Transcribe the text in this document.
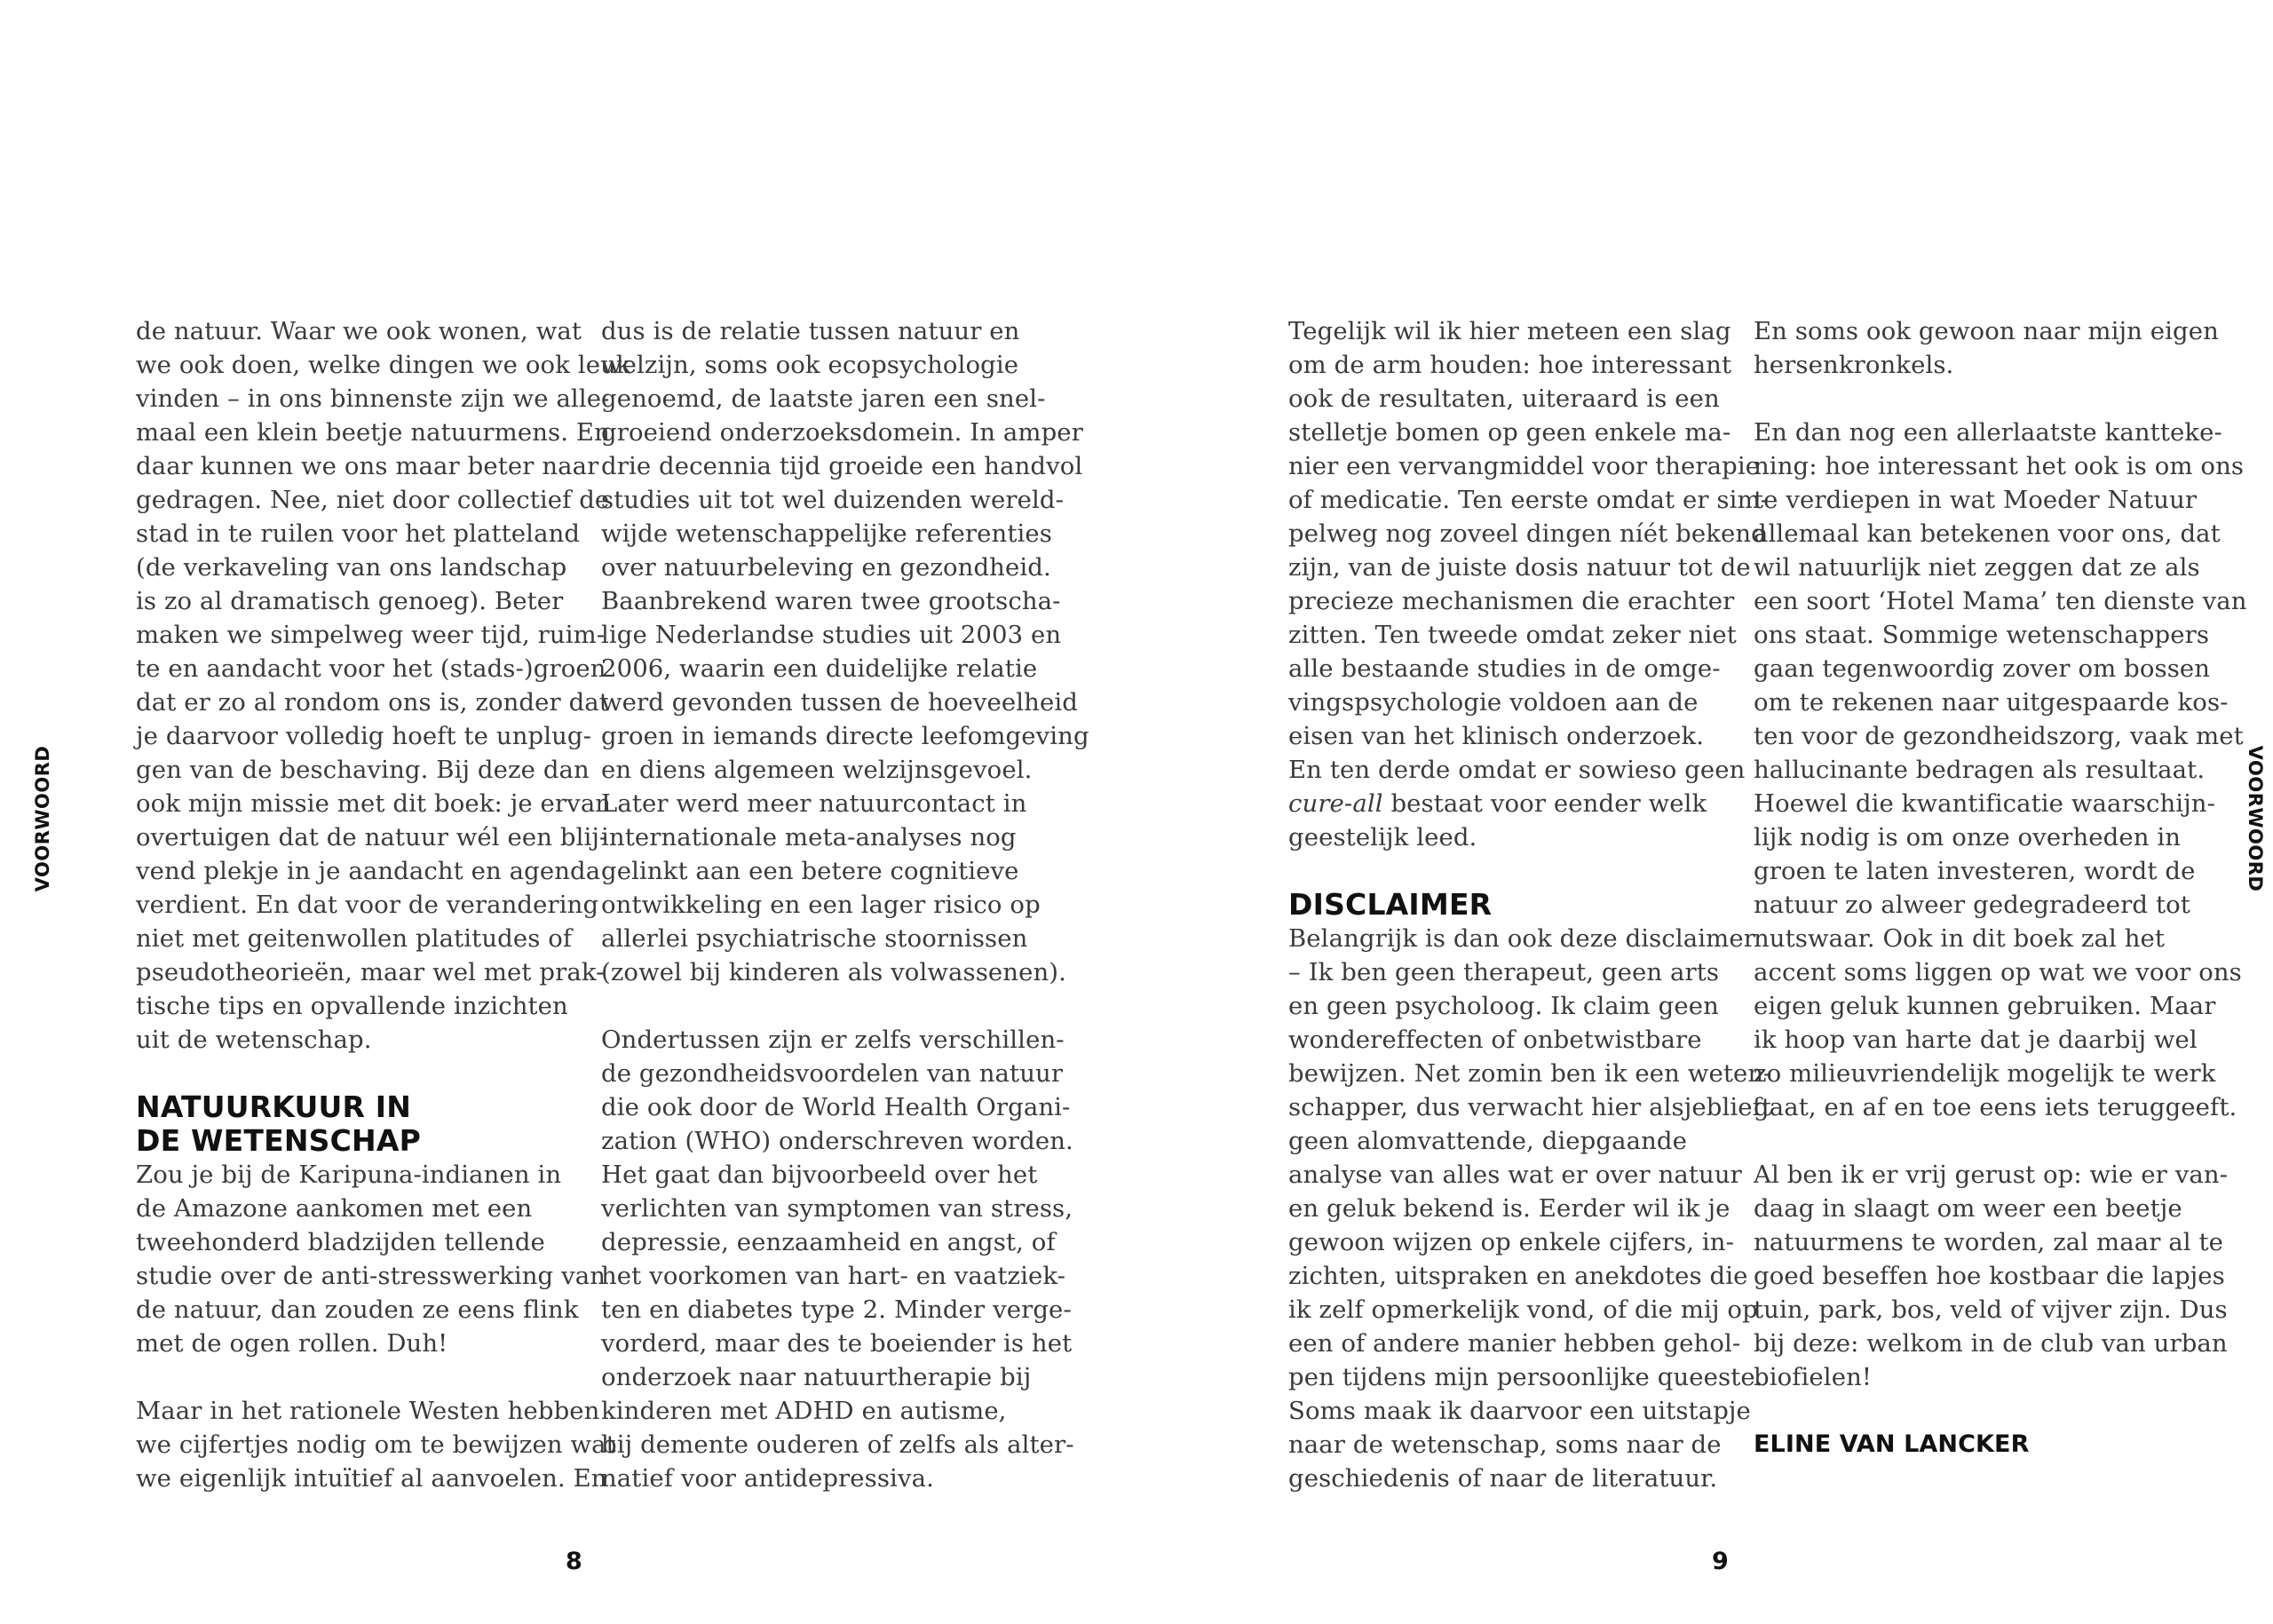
VOORWOORD	VOORWOORD

de natuur. Waar we ook wonen, wat
we ook doen, welke dingen we ook leuk
vinden – in ons binnenste zijn we alle-
maal een klein beetje natuurmens. En
daar kunnen we ons maar beter naar
gedragen. Nee, niet door collectief de
stad in te ruilen voor het platteland
(de verkaveling van ons landschap
is zo al dramatisch genoeg). Beter
maken we simpelweg weer tijd, ruim-
te en aandacht voor het (stads-)groen
dat er zo al rondom ons is, zonder dat
je daarvoor volledig hoeft te unplug-
gen van de beschaving. Bij deze dan
ook mijn missie met dit boek: je ervan
overtuigen dat de natuur wél een blij-
vend plekje in je aandacht en agenda
verdient. En dat voor de verandering
niet met geitenwollen platitudes of
pseudotheorieën, maar wel met prak-
tische tips en opvallende inzichten
uit de wetenschap.

NATUURKUUR IN
DE WETENSCHAP

Zou je bij de Karipuna-indianen in
de Amazone aankomen met een
tweehonderd bladzijden tellende
studie over de anti-stresswerking van
de natuur, dan zouden ze eens flink
met de ogen rollen. Duh!

Maar in het rationele Westen hebben
we cijfertjes nodig om te bewijzen wat
we eigenlijk intuïtief al aanvoelen. En

dus is de relatie tussen natuur en
welzijn, soms ook ecopsychologie
genoemd, de laatste jaren een snel-
groeiend onderzoeksdomein. In amper
drie decennia tijd groeide een handvol
studies uit tot wel duizenden wereld-
wijde wetenschappelijke referenties
over natuurbeleving en gezondheid.
Baanbrekend waren twee grootscha-
lige Nederlandse studies uit 2003 en
2006, waarin een duidelijke relatie
werd gevonden tussen de hoeveelheid
groen in iemands directe leefomgeving
en diens algemeen welzijnsgevoel.
Later werd meer natuurcontact in
internationale meta-analyses nog
gelinkt aan een betere cognitieve
ontwikkeling en een lager risico op
allerlei psychiatrische stoornissen
(zowel bij kinderen als volwassenen).

Ondertussen zijn er zelfs verschillen-
de gezondheidsvoordelen van natuur
die ook door de World Health Organi-
zation (WHO) onderschreven worden.
Het gaat dan bijvoorbeeld over het
verlichten van symptomen van stress,
depressie, eenzaamheid en angst, of
het voorkomen van hart- en vaatziek-
ten en diabetes type 2. Minder verge-
vorderd, maar des te boeiender is het
onderzoek naar natuurtherapie bij
kinderen met ADHD en autisme,
bij demente ouderen of zelfs als alter-
natief voor antidepressiva.

Tegelijk wil ik hier meteen een slag
om de arm houden: hoe interessant
ook de resultaten, uiteraard is een
stelletje bomen op geen enkele ma-
nier een vervangmiddel voor therapie
of medicatie. Ten eerste omdat er sim-
pelweg nog zoveel dingen níét bekend
zijn, van de juiste dosis natuur tot de
precieze mechanismen die erachter
zitten. Ten tweede omdat zeker niet
alle bestaande studies in de omge-
vingspsychologie voldoen aan de
eisen van het klinisch onderzoek.
En ten derde omdat er sowieso geen
cure-all bestaat voor eender welk
geestelijk leed.

DISCLAIMER

Belangrijk is dan ook deze disclaimer
– Ik ben geen therapeut, geen arts
en geen psycholoog. Ik claim geen
wondereffecten of onbetwistbare
bewijzen. Net zomin ben ik een weten-
schapper, dus verwacht hier alsjeblieft
geen alomvattende, diepgaande
analyse van alles wat er over natuur
en geluk bekend is. Eerder wil ik je
gewoon wijzen op enkele cijfers, in-
zichten, uitspraken en anekdotes die
ik zelf opmerkelijk vond, of die mij op
een of andere manier hebben gehol-
pen tijdens mijn persoonlijke queeste.
Soms maak ik daarvoor een uitstapje
naar de wetenschap, soms naar de
geschiedenis of naar de literatuur.

En soms ook gewoon naar mijn eigen
hersenkronkels.

En dan nog een allerlaatste kantteke-
ning: hoe interessant het ook is om ons
te verdiepen in wat Moeder Natuur
allemaal kan betekenen voor ons, dat
wil natuurlijk niet zeggen dat ze als
een soort ‘Hotel Mama’ ten dienste van
ons staat. Sommige wetenschappers
gaan tegenwoordig zover om bossen
om te rekenen naar uitgespaarde kos-
ten voor de gezondheidszorg, vaak met
hallucinante bedragen als resultaat.
Hoewel die kwantificatie waarschijn-
lijk nodig is om onze overheden in
groen te laten investeren, wordt de
natuur zo alweer gedegradeerd tot
nutswaar. Ook in dit boek zal het
accent soms liggen op wat we voor ons
eigen geluk kunnen gebruiken. Maar
ik hoop van harte dat je daarbij wel
zo milieuvriendelijk mogelijk te werk
gaat, en af en toe eens iets teruggeeft.

Al ben ik er vrij gerust op: wie er van-
daag in slaagt om weer een beetje
natuurmens te worden, zal maar al te
goed beseffen hoe kostbaar die lapjes
tuin, park, bos, veld of vijver zijn. Dus
bij deze: welkom in de club van urban
biofielen!

ELINE VAN LANCKER

8	9
